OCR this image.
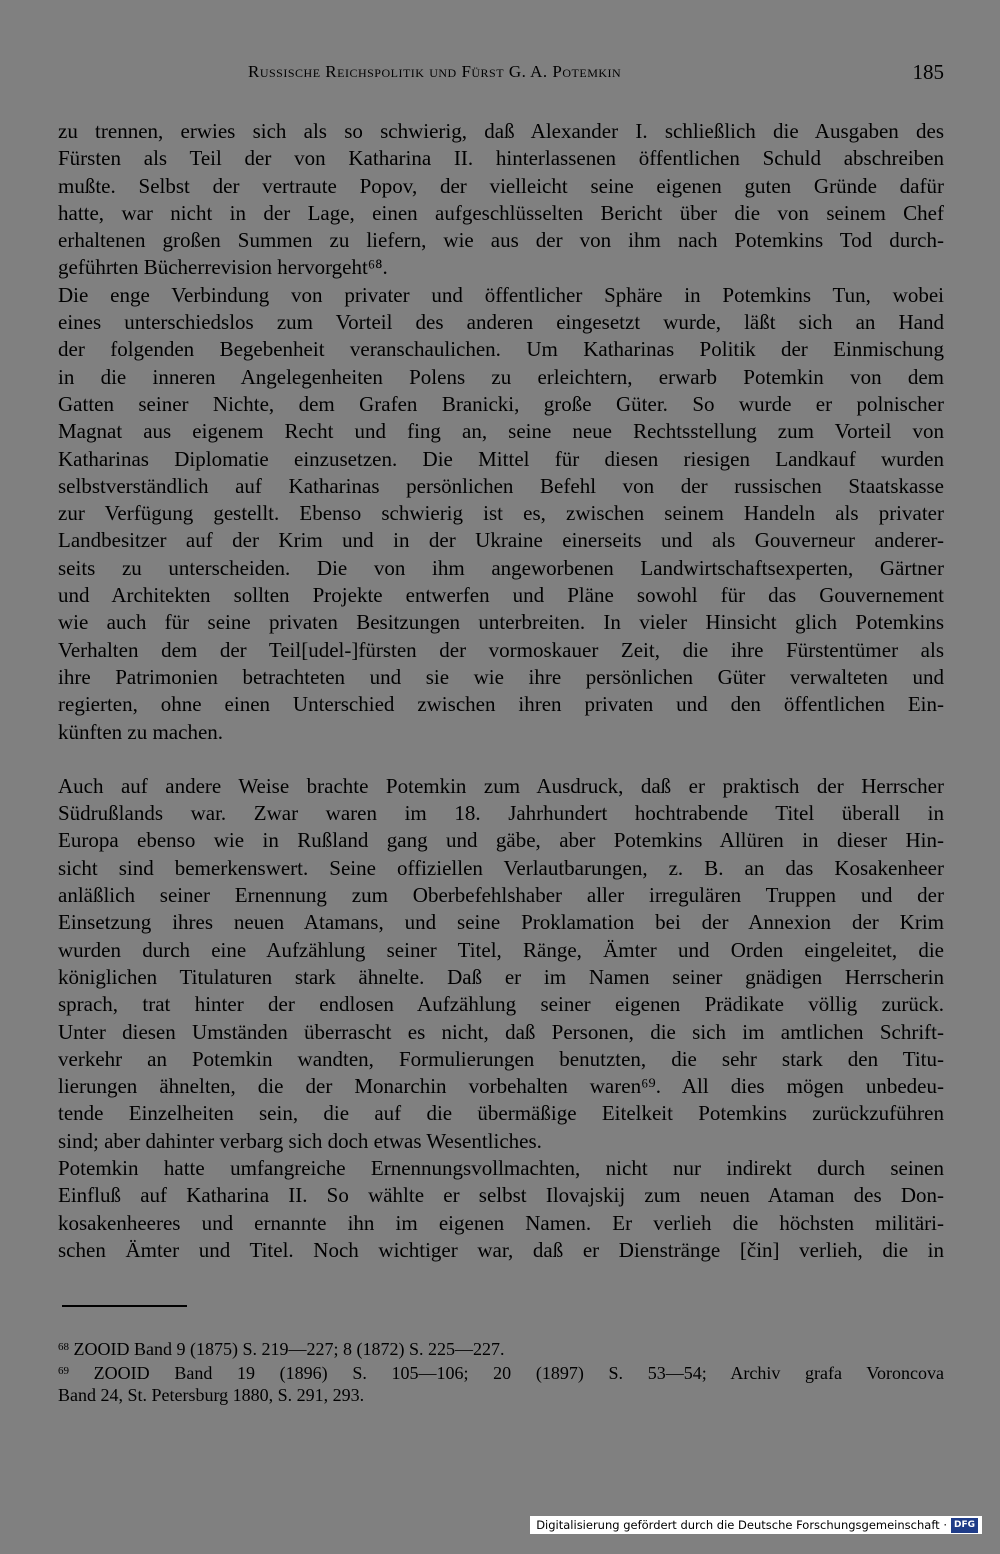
Russische Reichspolitik und Fürst G. A. Potemkin	185
zu trennen, erwies sich als so schwierig, daß Alexander I. schließlich die Ausgaben des
Fürsten als Teil der von Katharina II. hinterlassenen öffentlichen Schuld abschreiben
mußte. Selbst der vertraute Popov, der vielleicht seine eigenen guten Gründe dafür
hatte, war nicht in der Lage, einen aufgeschlüsselten Bericht über die von seinem Chef
erhaltenen großen Summen zu liefern, wie aus der von ihm nach Potemkins Tod durch-
geführten Bücherrevision hervorgeht⁶⁸.
Die enge Verbindung von privater und öffentlicher Sphäre in Potemkins Tun, wobei
eines unterschiedslos zum Vorteil des anderen eingesetzt wurde, läßt sich an Hand
der folgenden Begebenheit veranschaulichen. Um Katharinas Politik der Einmischung
in die inneren Angelegenheiten Polens zu erleichtern, erwarb Potemkin von dem
Gatten seiner Nichte, dem Grafen Branicki, große Güter. So wurde er polnischer
Magnat aus eigenem Recht und fing an, seine neue Rechtsstellung zum Vorteil von
Katharinas Diplomatie einzusetzen. Die Mittel für diesen riesigen Landkauf wurden
selbstverständlich auf Katharinas persönlichen Befehl von der russischen Staatskasse
zur Verfügung gestellt. Ebenso schwierig ist es, zwischen seinem Handeln als privater
Landbesitzer auf der Krim und in der Ukraine einerseits und als Gouverneur anderer-
seits zu unterscheiden. Die von ihm angeworbenen Landwirtschaftsexperten, Gärtner
und Architekten sollten Projekte entwerfen und Pläne sowohl für das Gouvernement
wie auch für seine privaten Besitzungen unterbreiten. In vieler Hinsicht glich Potemkins
Verhalten dem der Teil[udel-]fürsten der vormoskauer Zeit, die ihre Fürstentümer als
ihre Patrimonien betrachteten und sie wie ihre persönlichen Güter verwalteten und
regierten, ohne einen Unterschied zwischen ihren privaten und den öffentlichen Ein-
künften zu machen.
Auch auf andere Weise brachte Potemkin zum Ausdruck, daß er praktisch der Herrscher
Südrußlands war. Zwar waren im 18. Jahrhundert hochtrabende Titel überall in
Europa ebenso wie in Rußland gang und gäbe, aber Potemkins Allüren in dieser Hin-
sicht sind bemerkenswert. Seine offiziellen Verlautbarungen, z. B. an das Kosakenheer
anläßlich seiner Ernennung zum Oberbefehlshaber aller irregulären Truppen und der
Einsetzung ihres neuen Atamans, und seine Proklamation bei der Annexion der Krim
wurden durch eine Aufzählung seiner Titel, Ränge, Ämter und Orden eingeleitet, die
königlichen Titulaturen stark ähnelte. Daß er im Namen seiner gnädigen Herrscherin
sprach, trat hinter der endlosen Aufzählung seiner eigenen Prädikate völlig zurück.
Unter diesen Umständen überrascht es nicht, daß Personen, die sich im amtlichen Schrift-
verkehr an Potemkin wandten, Formulierungen benutzten, die sehr stark den Titu-
lierungen ähnelten, die der Monarchin vorbehalten waren⁶⁹. All dies mögen unbedeu-
tende Einzelheiten sein, die auf die übermäßige Eitelkeit Potemkins zurückzuführen
sind; aber dahinter verbarg sich doch etwas Wesentliches.
Potemkin hatte umfangreiche Ernennungsvollmachten, nicht nur indirekt durch seinen
Einfluß auf Katharina II. So wählte er selbst Ilovajskij zum neuen Ataman des Don-
kosakenheeres und ernannte ihn im eigenen Namen. Er verlieh die höchsten militäri-
schen Ämter und Titel. Noch wichtiger war, daß er Dienstränge [čin] verlieh, die in
$^{68}$ ZOOID Band 9 (1875) S. 219—227; 8 (1872) S. 225—227.
$^{69}$ ZOOID Band 19 (1896) S. 105—106; 20 (1897) S. 53—54; Archiv grafa Voroncova
Band 24, St. Petersburg 1880, S. 291, 293.
Digitalisierung gefördert durch die Deutsche Forschungsgemeinschaft · DFG
